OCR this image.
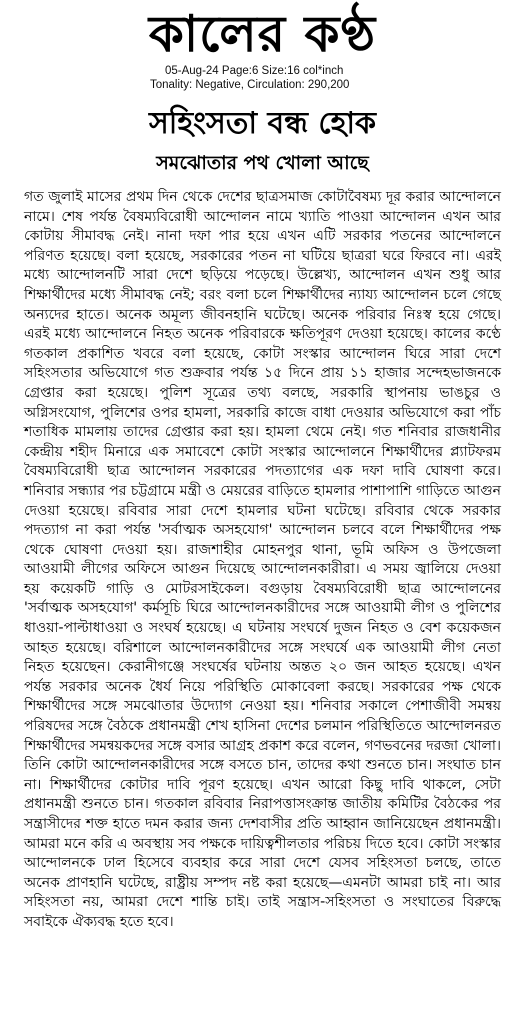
কালের কণ্ঠ
05-Aug-24 Page:6 Size:16 col*inch
Tonality: Negative, Circulation: 290,200
সহিংসতা বন্ধ হোক
সমঝোতার পথ খোলা আছে

গত জুলাই মাসের প্রথম দিন থেকে দেশের ছাত্রসমাজ কোটাবৈষম্য দূর করার আন্দোলনে নামে। শেষ পর্যন্ত বৈষম্যবিরোধী আন্দোলন নামে খ্যাতি পাওয়া আন্দোলন এখন আর কোটায় সীমাবদ্ধ নেই। নানা দফা পার হয়ে এখন এটি সরকার পতনের আন্দোলনে পরিণত হয়েছে। বলা হয়েছে, সরকারের পতন না ঘটিয়ে ছাত্ররা ঘরে ফিরবে না। এরই মধ্যে আন্দোলনটি সারা দেশে ছড়িয়ে পড়েছে। উল্লেখ্য, আন্দোলন এখন শুধু আর শিক্ষার্থীদের মধ্যে সীমাবদ্ধ নেই; বরং বলা চলে শিক্ষার্থীদের ন্যায্য আন্দোলন চলে গেছে অন্যদের হাতে। অনেক অমূল্য জীবনহানি ঘটেছে। অনেক পরিবার নিঃস্ব হয়ে গেছে। এরই মধ্যে আন্দোলনে নিহত অনেক পরিবারকে ক্ষতিপূরণ দেওয়া হয়েছে। কালের কণ্ঠে গতকাল প্রকাশিত খবরে বলা হয়েছে, কোটা সংস্কার আন্দোলন ঘিরে সারা দেশে সহিংসতার অভিযোগে গত শুক্রবার পর্যন্ত ১৫ দিনে প্রায় ১১ হাজার সন্দেহভাজনকে গ্রেপ্তার করা হয়েছে। পুলিশ সূত্রের তথ্য বলছে, সরকারি স্থাপনায় ভাঙচুর ও অগ্নিসংযোগ, পুলিশের ওপর হামলা, সরকারি কাজে বাধা দেওয়ার অভিযোগে করা পাঁচ শতাধিক মামলায় তাদের গ্রেপ্তার করা হয়। হামলা থেমে নেই। গত শনিবার রাজধানীর কেন্দ্রীয় শহীদ মিনারে এক সমাবেশে কোটা সংস্কার আন্দোলনে শিক্ষার্থীদের প্ল্যাটফরম বৈষম্যবিরোধী ছাত্র আন্দোলন সরকারের পদত্যাগের এক দফা দাবি ঘোষণা করে। শনিবার সন্ধ্যার পর চট্টগ্রামে মন্ত্রী ও মেয়রের বাড়িতে হামলার পাশাপাশি গাড়িতে আগুন দেওয়া হয়েছে। রবিবার সারা দেশে হামলার ঘটনা ঘটেছে। রবিবার থেকে সরকার পদত্যাগ না করা পর্যন্ত 'সর্বাত্মক অসহযোগ' আন্দোলন চলবে বলে শিক্ষার্থীদের পক্ষ থেকে ঘোষণা দেওয়া হয়। রাজশাহীর মোহনপুর থানা, ভূমি অফিস ও উপজেলা আওয়ামী লীগের অফিসে আগুন দিয়েছে আন্দোলনকারীরা। এ সময় জ্বালিয়ে দেওয়া হয় কয়েকটি গাড়ি ও মোটরসাইকেল। বগুড়ায় বৈষম্যবিরোধী ছাত্র আন্দোলনের 'সর্বাত্মক অসহযোগ' কর্মসূচি ঘিরে আন্দোলনকারীদের সঙ্গে আওয়ামী লীগ ও পুলিশের ধাওয়া-পাল্টাধাওয়া ও সংঘর্ষ হয়েছে। এ ঘটনায় সংঘর্ষে দুজন নিহত ও বেশ কয়েকজন আহত হয়েছে। বরিশালে আন্দোলনকারীদের সঙ্গে সংঘর্ষে এক আওয়ামী লীগ নেতা নিহত হয়েছেন। কেরানীগঞ্জে সংঘর্ষের ঘটনায় অন্তত ২০ জন আহত হয়েছে। এখন পর্যন্ত সরকার অনেক ধৈর্য নিয়ে পরিস্থিতি মোকাবেলা করছে। সরকারের পক্ষ থেকে শিক্ষার্থীদের সঙ্গে সমঝোতার উদ্যোগ নেওয়া হয়। শনিবার সকালে পেশাজীবী সমন্বয় পরিষদের সঙ্গে বৈঠকে প্রধানমন্ত্রী শেখ হাসিনা দেশের চলমান পরিস্থিতিতে আন্দোলনরত শিক্ষার্থীদের সমন্বয়কদের সঙ্গে বসার আগ্রহ প্রকাশ করে বলেন, গণভবনের দরজা খোলা। তিনি কোটা আন্দোলনকারীদের সঙ্গে বসতে চান, তাদের কথা শুনতে চান। সংঘাত চান না। শিক্ষার্থীদের কোটার দাবি পূরণ হয়েছে। এখন আরো কিছু দাবি থাকলে, সেটা প্রধানমন্ত্রী শুনতে চান। গতকাল রবিবার নিরাপত্তাসংক্রান্ত জাতীয় কমিটির বৈঠকের পর সন্ত্রাসীদের শক্ত হাতে দমন করার জন্য দেশবাসীর প্রতি আহ্বান জানিয়েছেন প্রধানমন্ত্রী। আমরা মনে করি এ অবস্থায় সব পক্ষকে দায়িত্বশীলতার পরিচয় দিতে হবে। কোটা সংস্কার আন্দোলনকে ঢাল হিসেবে ব্যবহার করে সারা দেশে যেসব সহিংসতা চলছে, তাতে অনেক প্রাণহানি ঘটেছে, রাষ্ট্রীয় সম্পদ নষ্ট করা হয়েছে—এমনটা আমরা চাই না। আর সহিংসতা নয়, আমরা দেশে শান্তি চাই। তাই সন্ত্রাস-সহিংসতা ও সংঘাতের বিরুদ্ধে সবাইকে ঐক্যবদ্ধ হতে হবে।
